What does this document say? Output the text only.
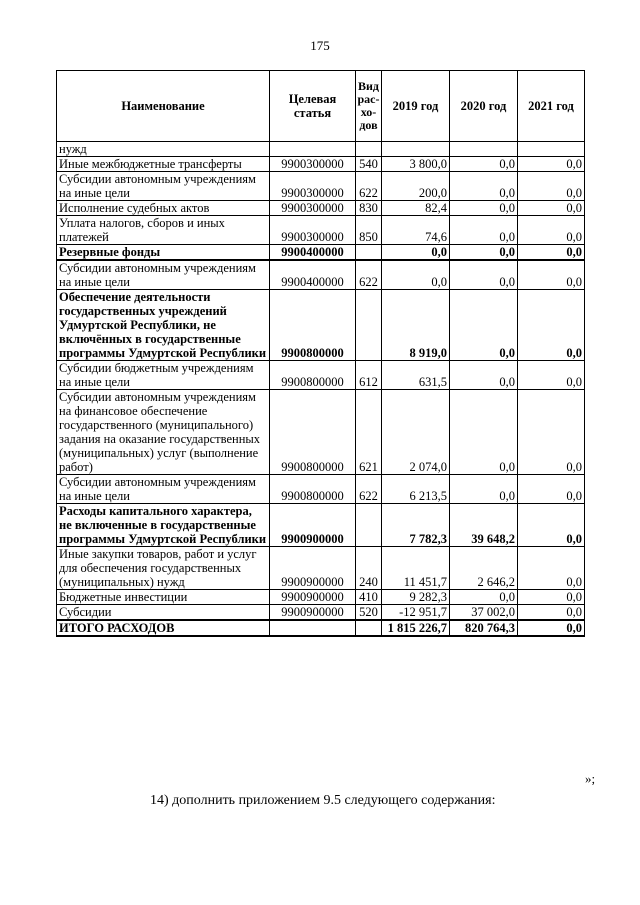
175
Наименование	Целевая статья	Вид рас-хо-дов	2019 год	2020 год	2021 год
нужд					
Иные межбюджетные трансферты	9900300000	540	3 800,0	0,0	0,0
Субсидии автономным учреждениям на иные цели	9900300000	622	200,0	0,0	0,0
Исполнение судебных актов	9900300000	830	82,4	0,0	0,0
Уплата налогов, сборов и иных платежей	9900300000	850	74,6	0,0	0,0
Резервные фонды	9900400000		0,0	0,0	0,0
Субсидии автономным учреждениям на иные цели	9900400000	622	0,0	0,0	0,0
Обеспечение деятельности государственных учреждений Удмуртской Республики, не включённых в государственные программы Удмуртской Республики	9900800000		8 919,0	0,0	0,0
Субсидии бюджетным учреждениям на иные цели	9900800000	612	631,5	0,0	0,0
Субсидии автономным учреждениям на финансовое обеспечение государственного (муниципального) задания на оказание государственных (муниципальных) услуг (выполнение работ)	9900800000	621	2 074,0	0,0	0,0
Субсидии автономным учреждениям на иные цели	9900800000	622	6 213,5	0,0	0,0
Расходы капитального характера, не включенные в государственные программы Удмуртской Республики	9900900000		7 782,3	39 648,2	0,0
Иные закупки товаров, работ и услуг для обеспечения государственных (муниципальных) нужд	9900900000	240	11 451,7	2 646,2	0,0
Бюджетные инвестиции	9900900000	410	9 282,3	0,0	0,0
Субсидии	9900900000	520	-12 951,7	37 002,0	0,0
ИТОГО РАСХОДОВ			1 815 226,7	820 764,3	0,0
»;
14) дополнить приложением 9.5 следующего содержания:
